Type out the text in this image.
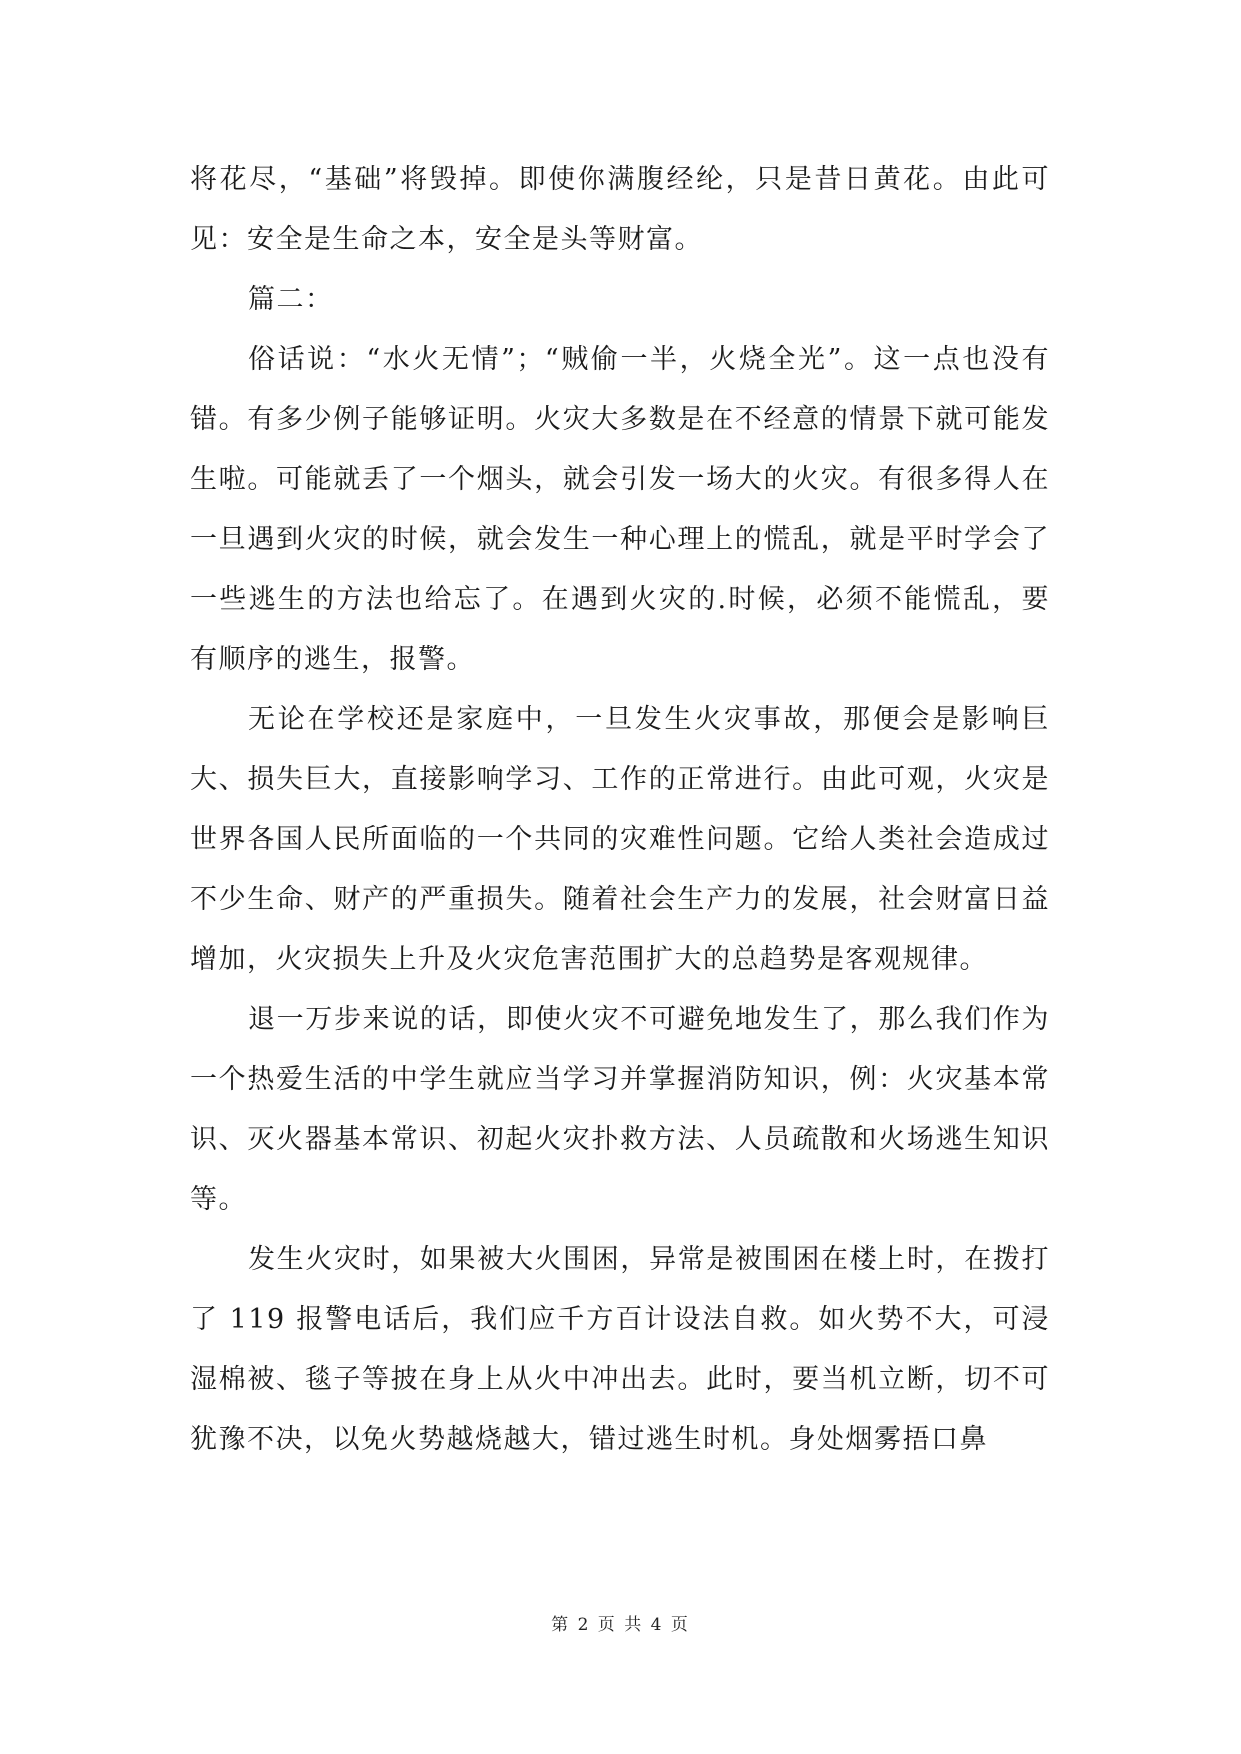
将花尽，“基础”将毁掉。即使你满腹经纶，只是昔日黄花。由此可见：安全是生命之本，安全是头等财富。

篇二：

俗话说：“水火无情”；“贼偷一半，火烧全光”。这一点也没有错。有多少例子能够证明。火灾大多数是在不经意的情景下就可能发生啦。可能就丢了一个烟头，就会引发一场大的火灾。有很多得人在一旦遇到火灾的时候，就会发生一种心理上的慌乱，就是平时学会了一些逃生的方法也给忘了。在遇到火灾的.时候，必须不能慌乱，要有顺序的逃生，报警。

无论在学校还是家庭中，一旦发生火灾事故，那便会是影响巨大、损失巨大，直接影响学习、工作的正常进行。由此可观，火灾是世界各国人民所面临的一个共同的灾难性问题。它给人类社会造成过不少生命、财产的严重损失。随着社会生产力的发展，社会财富日益增加，火灾损失上升及火灾危害范围扩大的总趋势是客观规律。

退一万步来说的话，即使火灾不可避免地发生了，那么我们作为一个热爱生活的中学生就应当学习并掌握消防知识，例：火灾基本常识、灭火器基本常识、初起火灾扑救方法、人员疏散和火场逃生知识等。

发生火灾时，如果被大火围困，异常是被围困在楼上时，在拨打了 119 报警电话后，我们应千方百计设法自救。如火势不大，可浸湿棉被、毯子等披在身上从火中冲出去。此时，要当机立断，切不可犹豫不决，以免火势越烧越大，错过逃生时机。身处烟雾捂口鼻

第 2 页 共 4 页
